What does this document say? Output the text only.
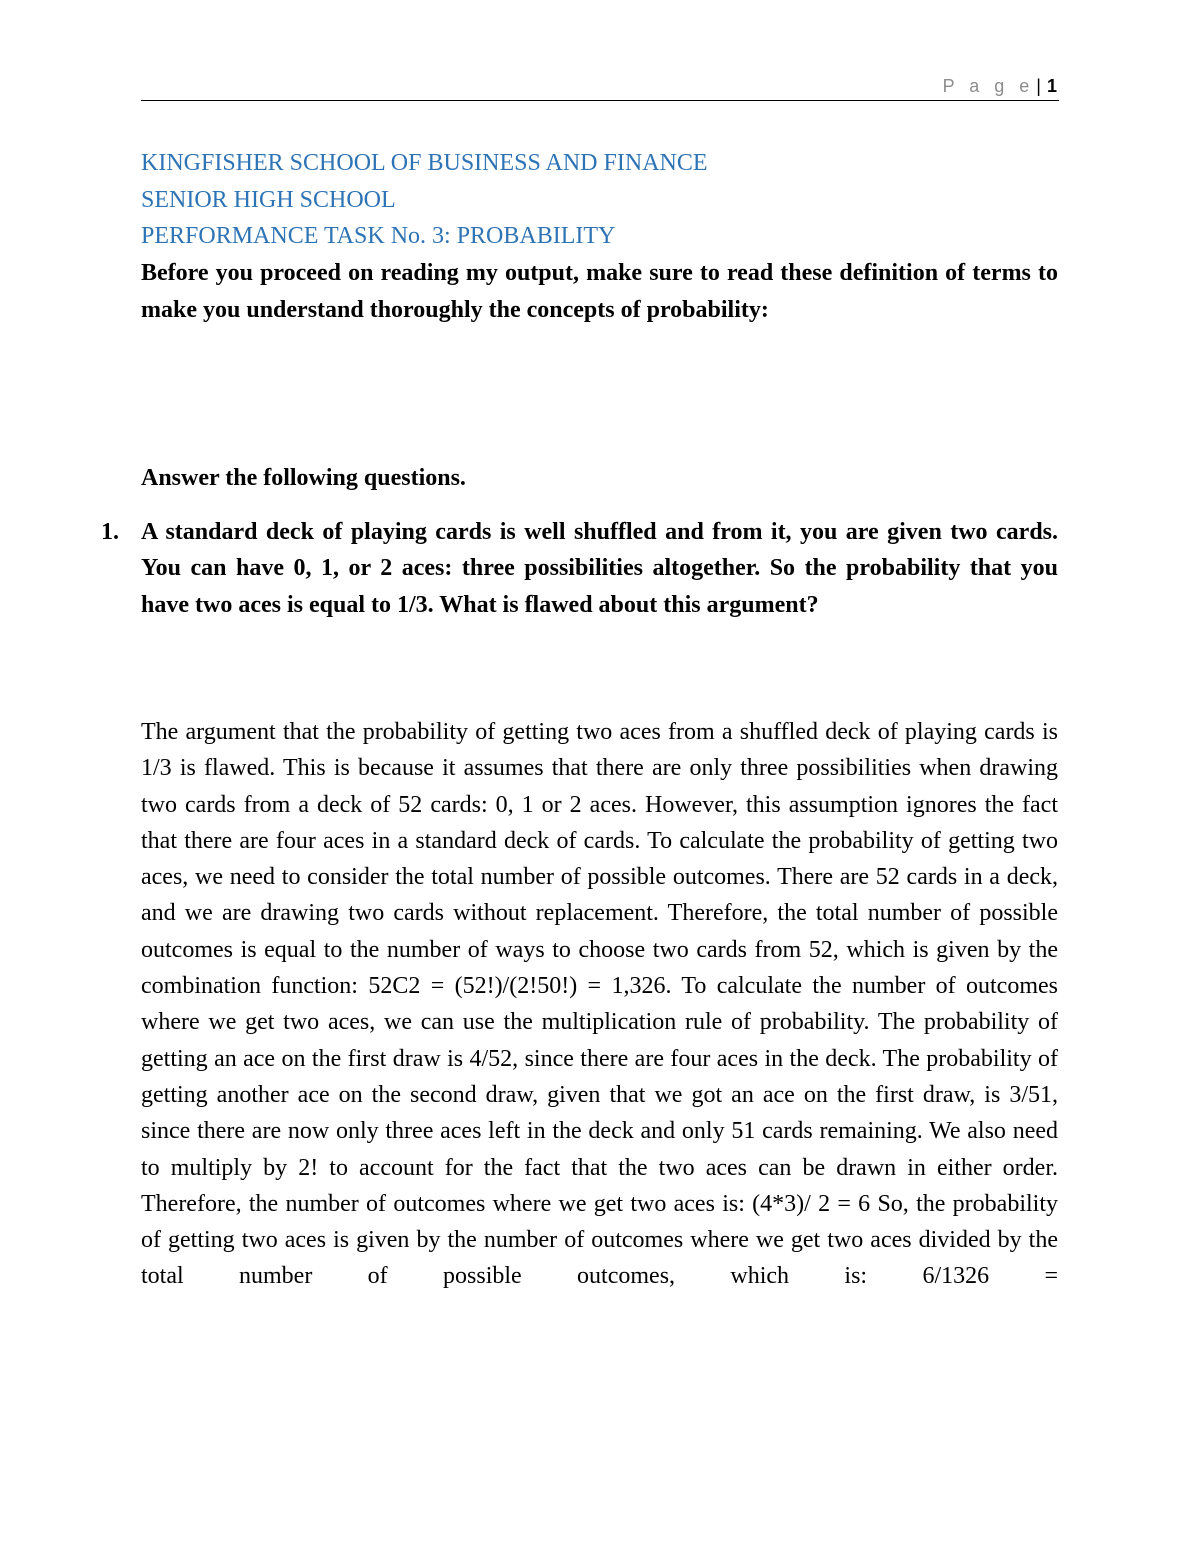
P a g e | 1
KINGFISHER SCHOOL OF BUSINESS AND FINANCE
SENIOR HIGH SCHOOL
PERFORMANCE TASK No. 3: PROBABILITY

Before you proceed on reading my output, make sure to read these definition of terms to make you understand thoroughly the concepts of probability:

Answer the following questions.
1. A standard deck of playing cards is well shuffled and from it, you are given two cards. You can have 0, 1, or 2 aces: three possibilities altogether. So the probability that you have two aces is equal to 1/3. What is flawed about this argument?

The argument that the probability of getting two aces from a shuffled deck of playing cards is 1/3 is flawed. This is because it assumes that there are only three possibilities when drawing two cards from a deck of 52 cards: 0, 1 or 2 aces. However, this assumption ignores the fact that there are four aces in a standard deck of cards. To calculate the probability of getting two aces, we need to consider the total number of possible outcomes. There are 52 cards in a deck, and we are drawing two cards without replacement. Therefore, the total number of possible outcomes is equal to the number of ways to choose two cards from 52, which is given by the combination function: 52C2 = (52!)/(2!50!) = 1,326. To calculate the number of outcomes where we get two aces, we can use the multiplication rule of probability. The probability of getting an ace on the first draw is 4/52, since there are four aces in the deck. The probability of getting another ace on the second draw, given that we got an ace on the first draw, is 3/51, since there are now only three aces left in the deck and only 51 cards remaining. We also need to multiply by 2! to account for the fact that the two aces can be drawn in either order. Therefore, the number of outcomes where we get two aces is: (4*3)/ 2 = 6 So, the probability of getting two aces is given by the number of outcomes where we get two aces divided by the total number of possible outcomes, which is: 6/1326 =
